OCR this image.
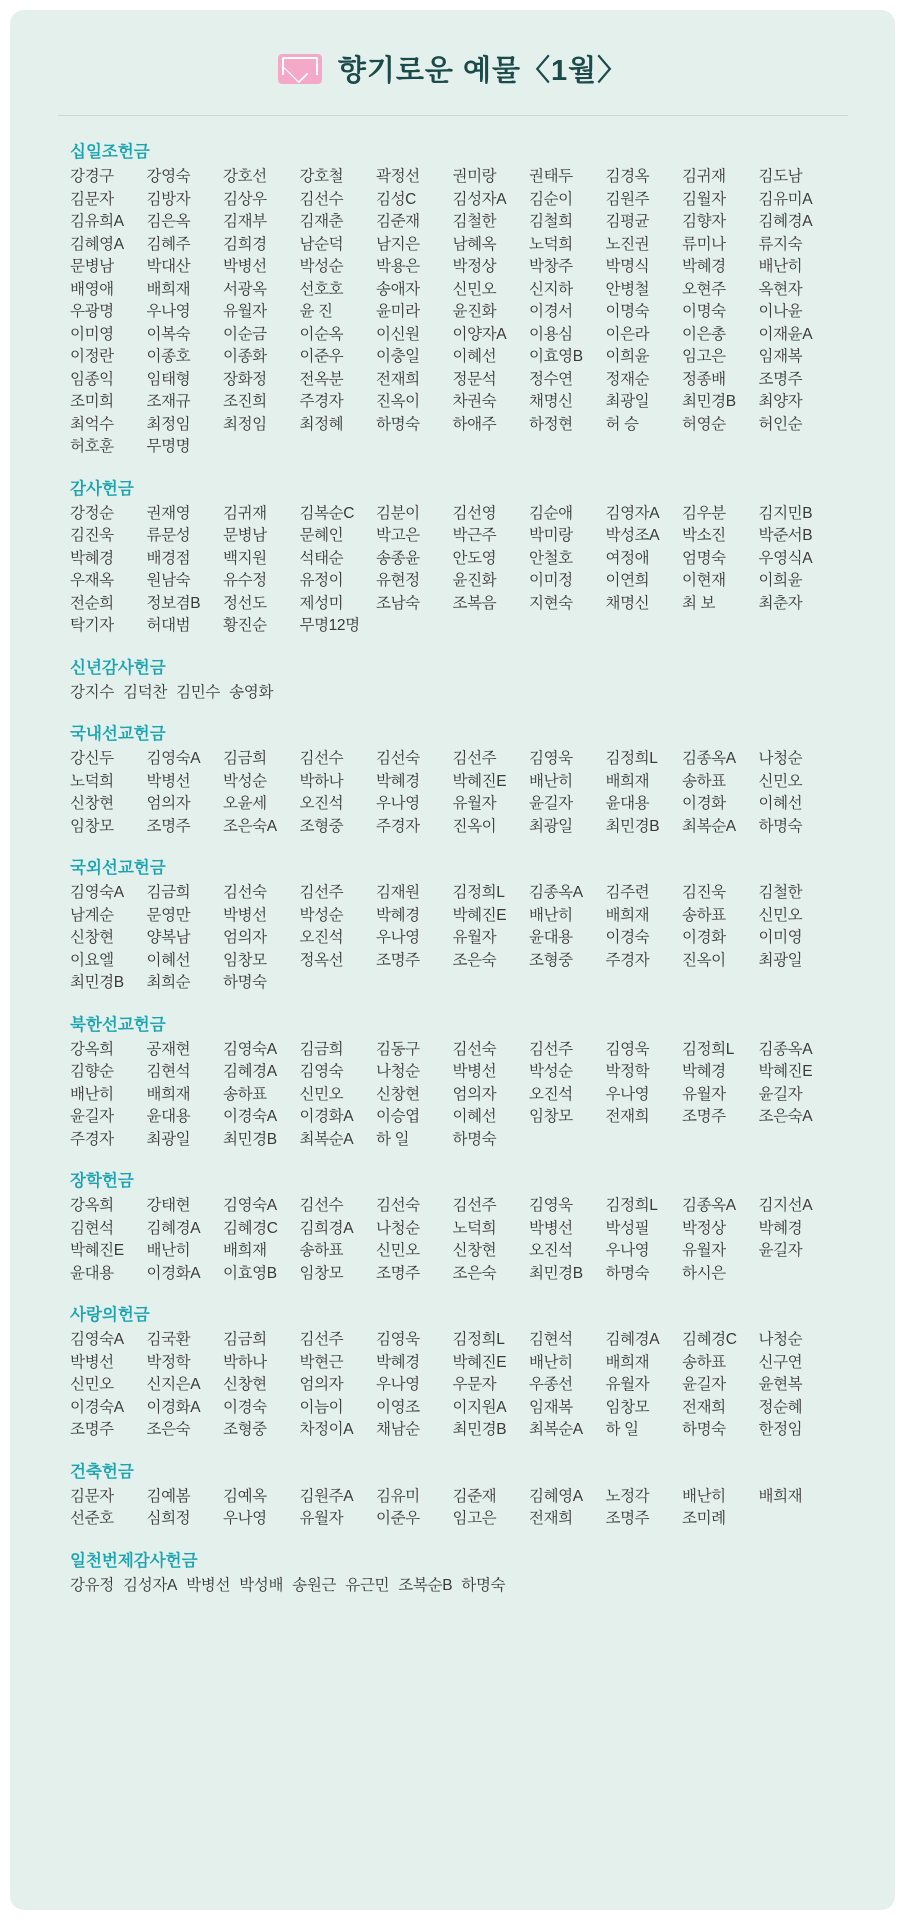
향기로운 예물〈1월〉
십일조헌금
강경구	강영숙	강호선	강호철	곽정선	권미랑	권태두	김경옥	김귀재	김도남
김문자	김방자	김상우	김선수	김성C	김성자A	김순이	김원주	김월자	김유미A
김유희A	김은옥	김재부	김재춘	김준재	김철한	김철희	김평균	김향자	김혜경A
김혜영A	김혜주	김희경	남순덕	남지은	남혜옥	노덕희	노진권	류미나	류지숙
문병남	박대산	박병선	박성순	박용은	박정상	박창주	박명식	박혜경	배난히
배영애	배희재	서광옥	선호호	송애자	신민오	신지하	안병철	오현주	옥현자
우광명	우나영	유월자	윤 진	윤미라	윤진화	이경서	이명숙	이명숙	이나윤
이미영	이복숙	이순금	이순옥	이신원	이양자A	이용심	이은라	이은총	이재윤A
이정란	이종호	이종화	이준우	이충일	이혜선	이효영B	이희윤	임고은	임재복
임종익	임태형	장화정	전옥분	전재희	정문석	정수연	정재순	정종배	조명주
조미희	조재규	조진희	주경자	진옥이	차권숙	채명신	최광일	최민경B	최양자
최억수	최정임	최정임	최정혜	하명숙	하애주	하정현	허 승	허영순	허인순
허호훈	무명명
감사헌금
강정순	권재영	김귀재	김복순C	김분이	김선영	김순애	김영자A	김우분	김지민B
김진욱	류문성	문병남	문혜인	박고은	박근주	박미랑	박성조A	박소진	박준서B
박혜경	배경점	백지원	석태순	송종윤	안도영	안철호	여정애	엄명숙	우영식A
우재옥	원남숙	유수정	유정이	유현정	윤진화	이미정	이연희	이현재	이희윤
전순희	정보겸B	정선도	제성미	조남숙	조복음	지현숙	채명신	최 보	최춘자
탁기자	허대범	황진순	무명12명
신년감사헌금
강지수 김덕찬 김민수 송영화
국내선교헌금
강신두	김영숙A	김금희	김선수	김선숙	김선주	김영욱	김정희L	김종옥A	나청순
노덕희	박병선	박성순	박하나	박혜경	박혜진E	배난히	배희재	송하표	신민오
신창현	엄의자	오윤세	오진석	우나영	유월자	윤길자	윤대용	이경화	이혜선
임창모	조명주	조은숙A	조형중	주경자	진옥이	최광일	최민경B	최복순A	하명숙
국외선교헌금
김영숙A	김금희	김선숙	김선주	김재원	김정희L	김종옥A	김주련	김진욱	김철한
남계순	문영만	박병선	박성순	박혜경	박혜진E	배난히	배희재	송하표	신민오
신창현	양복남	엄의자	오진석	우나영	유월자	윤대용	이경숙	이경화	이미영
이요엘	이혜선	임창모	정옥선	조명주	조은숙	조형중	주경자	진옥이	최광일
최민경B	최희순	하명숙
북한선교헌금
강옥희	공재현	김영숙A	김금희	김동구	김선숙	김선주	김영욱	김정희L	김종옥A
김향순	김현석	김혜경A	김영숙	나청순	박병선	박성순	박정학	박혜경	박혜진E
배난히	배희재	송하표	신민오	신창현	엄의자	오진석	우나영	유월자	윤길자
윤길자	윤대용	이경숙A	이경화A	이승엽	이혜선	임창모	전재희	조명주	조은숙A
주경자	최광일	최민경B	최복순A	하 일	하명숙
장학헌금
강옥희	강태현	김영숙A	김선수	김선숙	김선주	김영욱	김정희L	김종옥A	김지선A
김현석	김혜경A	김혜경C	김희경A	나청순	노덕희	박병선	박성필	박정상	박혜경
박혜진E	배난히	배희재	송하표	신민오	신창현	오진석	우나영	유월자	윤길자
윤대용	이경화A	이효영B	임창모	조명주	조은숙	최민경B	하명숙	하시은
사랑의헌금
김영숙A	김국환	김금희	김선주	김영욱	김정희L	김현석	김혜경A	김혜경C	나청순
박병선	박정학	박하나	박현근	박혜경	박혜진E	배난히	배희재	송하표	신구연
신민오	신지은A	신창현	엄의자	우나영	우문자	우종선	유월자	윤길자	윤현복
이경숙A	이경화A	이경숙	이늠이	이영조	이지원A	임재복	임창모	전재희	정순혜
조명주	조은숙	조형중	차정이A	채남순	최민경B	최복순A	하 일	하명숙	한정임
건축헌금
김문자	김예봄	김예옥	김원주A	김유미	김준재	김혜영A	노정각	배난히	배희재
선준호	심희정	우나영	유월자	이준우	임고은	전재희	조명주	조미례
일천번제감사헌금
강유정 김성자A 박병선 박성배 송원근 유근민 조복순B 하명숙
